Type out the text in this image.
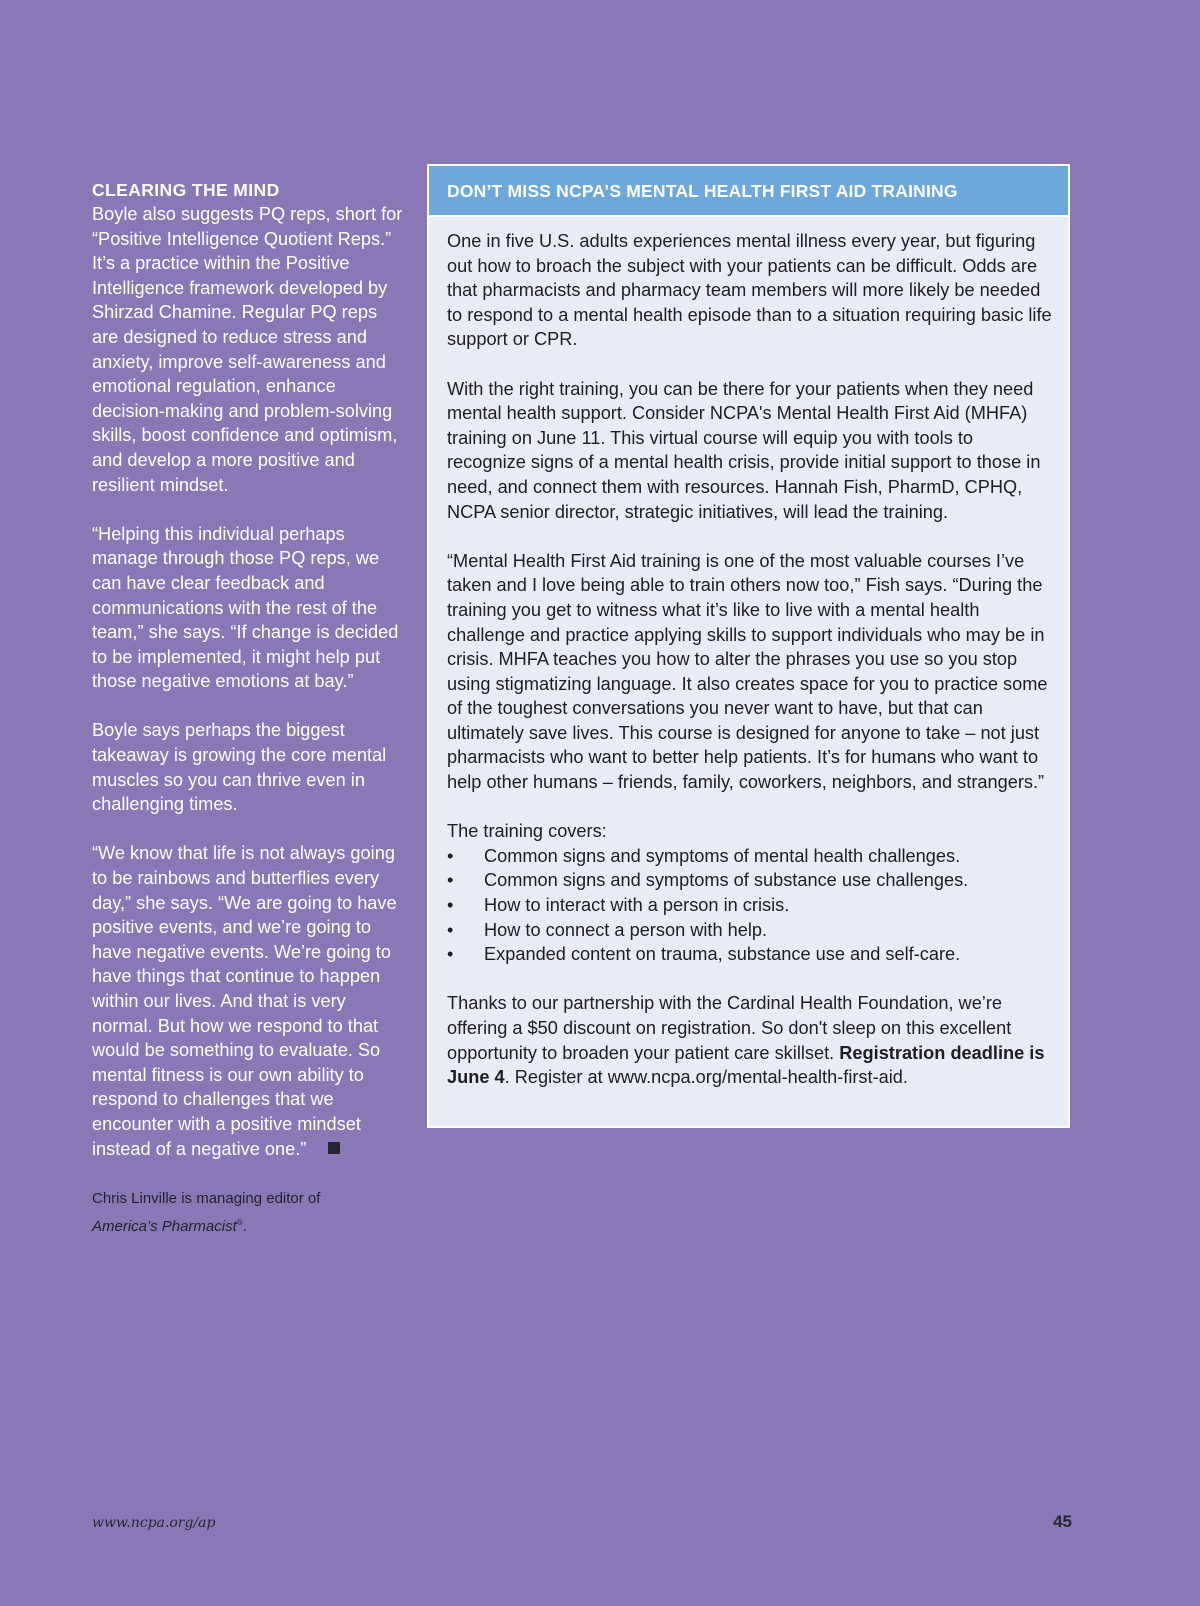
CLEARING THE MIND

Boyle also suggests PQ reps, short for “Positive Intelligence Quotient Reps.” It’s a practice within the Positive Intelligence framework developed by Shirzad Chamine. Regular PQ reps are designed to reduce stress and anxiety, improve self-awareness and emotional regulation, enhance decision-making and problem-solving skills, boost confidence and optimism, and develop a more positive and resilient mindset.

“Helping this individual perhaps manage through those PQ reps, we can have clear feedback and communications with the rest of the team,” she says. “If change is decided to be implemented, it might help put those negative emotions at bay.”

Boyle says perhaps the biggest takeaway is growing the core mental muscles so you can thrive even in challenging times.

“We know that life is not always going to be rainbows and butterflies every day,” she says. “We are going to have positive events, and we’re going to have negative events. We’re going to have things that continue to happen within our lives. And that is very normal. But how we respond to that would be something to evaluate. So mental fitness is our own ability to respond to challenges that we encounter with a positive mindset instead of a negative one.”

Chris Linville is managing editor of
America’s Pharmacist®.
DON’T MISS NCPA’S MENTAL HEALTH FIRST AID TRAINING

One in five U.S. adults experiences mental illness every year, but figuring out how to broach the subject with your patients can be difficult. Odds are that pharmacists and pharmacy team members will more likely be needed to respond to a mental health episode than to a situation requiring basic life support or CPR.

With the right training, you can be there for your patients when they need mental health support. Consider NCPA's Mental Health First Aid (MHFA) training on June 11. This virtual course will equip you with tools to recognize signs of a mental health crisis, provide initial support to those in need, and connect them with resources. Hannah Fish, PharmD, CPHQ, NCPA senior director, strategic initiatives, will lead the training.

“Mental Health First Aid training is one of the most valuable courses I’ve taken and I love being able to train others now too,” Fish says. “During the training you get to witness what it’s like to live with a mental health challenge and practice applying skills to support individuals who may be in crisis. MHFA teaches you how to alter the phrases you use so you stop using stigmatizing language. It also creates space for you to practice some of the toughest conversations you never want to have, but that can ultimately save lives. This course is designed for anyone to take – not just pharmacists who want to better help patients. It’s for humans who want to help other humans – friends, family, coworkers, neighbors, and strangers.”

The training covers:

• Common signs and symptoms of mental health challenges.
• Common signs and symptoms of substance use challenges.
• How to interact with a person in crisis.
• How to connect a person with help.
• Expanded content on trauma, substance use and self-care.

Thanks to our partnership with the Cardinal Health Foundation, we’re offering a $50 discount on registration. So don't sleep on this excellent opportunity to broaden your patient care skillset. Registration deadline is June 4. Register at www.ncpa.org/mental-health-first-aid.

www.ncpa.org/ap	45
